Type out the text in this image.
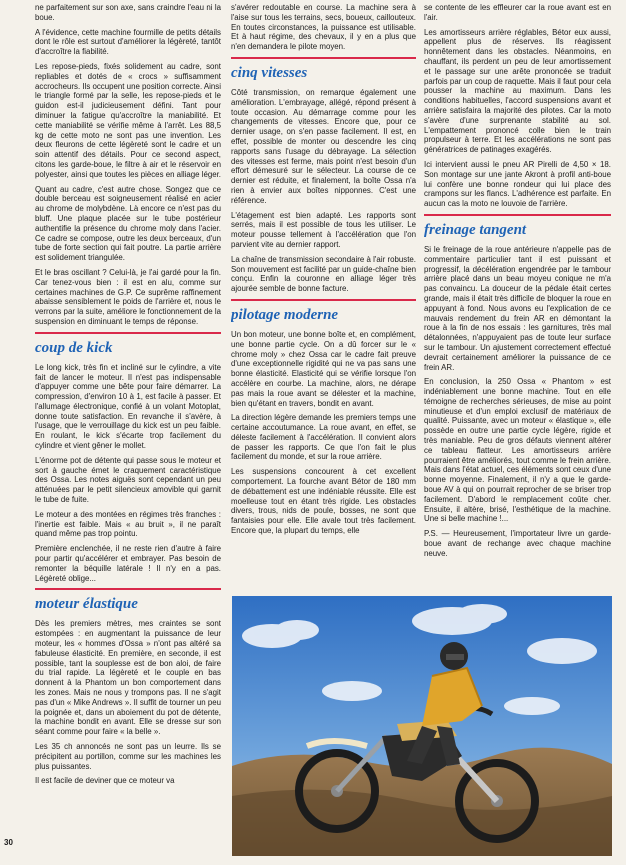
ne parfaitement sur son axe, sans craindre l'eau ni la boue.

A l'évidence, cette machine fourmille de petits détails dont le rôle est surtout d'améliorer la légèreté, tantôt d'accroître la fiabilité.

Les repose-pieds, fixés solidement au cadre, sont repliables et dotés de « crocs » suffisamment accrocheurs. Ils occupent une position correcte. Ainsi le triangle formé par la selle, les repose-pieds et le guidon est-il judicieusement défini. Tant pour diminuer la fatigue qu'accroître la maniabilité. Et cette maniabilité se vérifie même à l'arrêt. Les 88,5 kg de cette moto ne sont pas une invention. Les deux fleurons de cette légèreté sont le cadre et un soin attentif des détails. Pour ce second aspect, citons les garde-boue, le filtre à air et le réservoir en polyester, ainsi que toutes les pièces en alliage léger.

Quant au cadre, c'est autre chose. Songez que ce double berceau est soigneusement réalisé en acier au chrome de molybdène. Là encore ce n'est pas du bluff. Une plaque placée sur le tube postérieur authentifie la présence du chrome moly dans l'acier. Ce cadre se compose, outre les deux berceaux, d'un tube de forte section qui fait poutre. La partie arrière est solidement triangulée.

Et le bras oscillant ? Celui-là, je l'ai gardé pour la fin. Car tenez-vous bien : il est en alu, comme sur certaines machines de G.P. Ce suprême raffinement abaisse sensiblement le poids de l'arrière et, nous le verrons par la suite, améliore le fonctionnement de la suspension en diminuant le temps de réponse.

coup de kick

Le long kick, très fin et incliné sur le cylindre, a vite fait de lancer le moteur. Il n'est pas indispensable d'appuyer comme une bête pour faire démarrer. La compression, d'environ 10 à 1, est facile à passer. Et l'allumage électronique, confié à un volant Motoplat, donne toute satisfaction. En revanche il s'avère, à l'usage, que le verrouillage du kick est un peu faible. En roulant, le kick s'écarte trop facilement du cylindre et vient gêner le mollet.

L'énorme pot de détente qui passe sous le moteur et sort à gauche émet le craquement caractéristique des Ossa. Les notes aiguës sont cependant un peu atténuées par le petit silencieux amovible qui garnit le tube de fuite.

Le moteur a des montées en régimes très franches : l'inertie est faible. Mais « au bruit », il ne paraît quand même pas trop pointu.

Première enclenchée, il ne reste rien d'autre à faire pour partir qu'accélérer et embrayer. Pas besoin de remonter la béquille latérale ! Il n'y en a pas. Légèreté oblige...

moteur élastique

Dès les premiers mètres, mes craintes se sont estompées : en augmentant la puissance de leur moteur, les « hommes d'Ossa » n'ont pas altéré sa fabuleuse élasticité. En première, en seconde, il est possible, tant la souplesse est de bon aloi, de faire du trial rapide. La légèreté et le couple en bas donnent à la Phantom un bon comportement dans les zones. Mais ne nous y trompons pas. Il ne s'agit pas d'un « Mike Andrews ». Il suffit de tourner un peu la poignée et, dans un aboiement du pot de détente, la machine bondit en avant. Elle se dresse sur son séant comme pour faire « la belle ».

Les 35 ch annoncés ne sont pas un leurre. Ils se précipitent au portillon, comme sur les machines les plus puissantes.

Il est facile de deviner que ce moteur va

s'avérer redoutable en course. La machine sera à l'aise sur tous les terrains, secs, boueux, caillouteux. En toutes circonstances, la puissance est utilisable. Et à haut régime, des chevaux, il y en a plus que n'en demandera le pilote moyen.

cinq vitesses

Côté transmission, on remarque également une amélioration. L'embrayage, allégé, répond présent à toute occasion. Au démarrage comme pour les changements de vitesses. Encore que, pour ce dernier usage, on s'en passe facilement. Il est, en effet, possible de monter ou descendre les cinq rapports sans l'usage du débrayage. La sélection des vitesses est ferme, mais point n'est besoin d'un effort démesuré sur le sélecteur. La course de ce dernier est réduite, et finalement, la boîte Ossa n'a rien à envier aux boîtes nipponnes. C'est une référence.

L'étagement est bien adapté. Les rapports sont serrés, mais il est possible de tous les utiliser. Le moteur pousse tellement à l'accélération que l'on parvient vite au dernier rapport.

La chaîne de transmission secondaire à l'air robuste. Son mouvement est facilité par un guide-chaîne bien conçu. Enfin la couronne en alliage léger très ajourée semble de bonne facture.

pilotage moderne

Un bon moteur, une bonne boîte et, en complément, une bonne partie cycle. On a dû forcer sur le « chrome moly » chez Ossa car le cadre fait preuve d'une exceptionnelle rigidité qui ne va pas sans une bonne élasticité. Elasticité qui se vérifie lorsque l'on accélère en courbe. La machine, alors, ne dérape pas mais la roue avant se délester et la machine, bien qu'étant en travers, bondit en avant.

La direction légère demande les premiers temps une certaine accoutumance. La roue avant, en effet, se déleste facilement à l'accélération. Il convient alors de passer les rapports. Ce que l'on fait le plus facilement du monde, et sur la roue arrière.

Les suspensions concourent à cet excellent comportement. La fourche avant Bétor de 180 mm de débattement est une indéniable réussite. Elle est moelleuse tout en étant très rigide. Les obstacles divers, trous, nids de poule, bosses, ne sont que fantaisies pour elle. Elle avale tout très facilement. Encore que, la plupart du temps, elle

se contente de les effleurer car la roue avant est en l'air.

Les amortisseurs arrière réglables, Bétor eux aussi, appellent plus de réserves. Ils réagissent honnêtement dans les obstacles. Néanmoins, en chauffant, ils perdent un peu de leur amortissement et le passage sur une arête prononcée se traduit parfois par un coup de raquette. Mais il faut pour cela pousser la machine au maximum. Dans les conditions habituelles, l'accord suspensions avant et arrière satisfaira la majorité des pilotes. Car la moto s'avère d'une surprenante stabilité au sol. L'empattement prononcé colle bien le train propulseur à terre. Et les accélérations ne sont pas génératrices de patinages exagérés.

Ici intervient aussi le pneu AR Pirelli de 4,50 × 18. Son montage sur une jante Akront à profil anti-boue lui confère une bonne rondeur qui lui place des crampons sur les flancs. L'adhérence est parfaite. En aucun cas la moto ne louvoie de l'arrière.

freinage tangent

Si le freinage de la roue antérieure n'appelle pas de commentaire particulier tant il est puissant et progressif, la décélération engendrée par le tambour arrière placé dans un beau moyeu conique ne m'a pas convaincu. La douceur de la pédale était certes grande, mais il était très difficile de bloquer la roue en appuyant à fond. Nous avons eu l'explication de ce mauvais rendement du frein AR en démontant la roue à la fin de nos essais : les garnitures, très mal détalonnées, n'appuyaient pas de toute leur surface sur le tambour. Un ajustement correctement effectué devrait certainement améliorer la puissance de ce frein AR.

En conclusion, la 250 Ossa « Phantom » est indéniablement une bonne machine. Tout en elle témoigne de recherches sérieuses, de mise au point minutieuse et d'un emploi exclusif de matériaux de qualité. Puissante, avec un moteur « élastique », elle possède en outre une partie cycle légère, rigide et très maniable. Peu de gros défauts viennent altérer ce tableau flatteur. Les amortisseurs arrière pourraient être améliorés, tout comme le frein arrière. Mais dans l'état actuel, ces éléments sont ceux d'une bonne moyenne. Finalement, il n'y a que le garde-boue AV à qui on pourrait reprocher de se briser trop facilement. D'abord le remplacement coûte cher. Ensuite, il altère, brisé, l'esthétique de la machine. Une si belle machine !...

P.S. — Heureusement, l'importateur livre un garde-boue avant de rechange avec chaque machine neuve.

30
